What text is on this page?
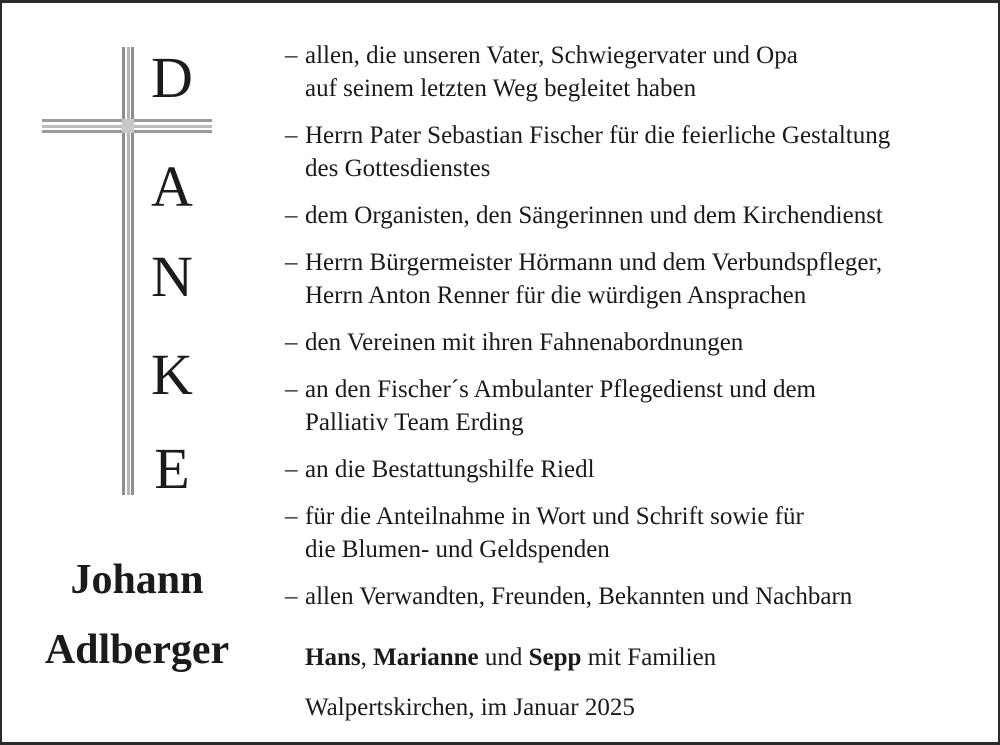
D
A
N
K
E
Johann
Adlberger
– allen, die unseren Vater, Schwiegervater und Opa
auf seinem letzten Weg begleitet haben
– Herrn Pater Sebastian Fischer für die feierliche Gestaltung
des Gottesdienstes
– dem Organisten, den Sängerinnen und dem Kirchendienst
– Herrn Bürgermeister Hörmann und dem Verbundspfleger,
Herrn Anton Renner für die würdigen Ansprachen
– den Vereinen mit ihren Fahnenabordnungen
– an den Fischer´s Ambulanter Pflegedienst und dem
Palliativ Team Erding
– an die Bestattungshilfe Riedl
– für die Anteilnahme in Wort und Schrift sowie für
die Blumen- und Geldspenden
– allen Verwandten, Freunden, Bekannten und Nachbarn
Hans, Marianne und Sepp mit Familien
Walpertskirchen, im Januar 2025
